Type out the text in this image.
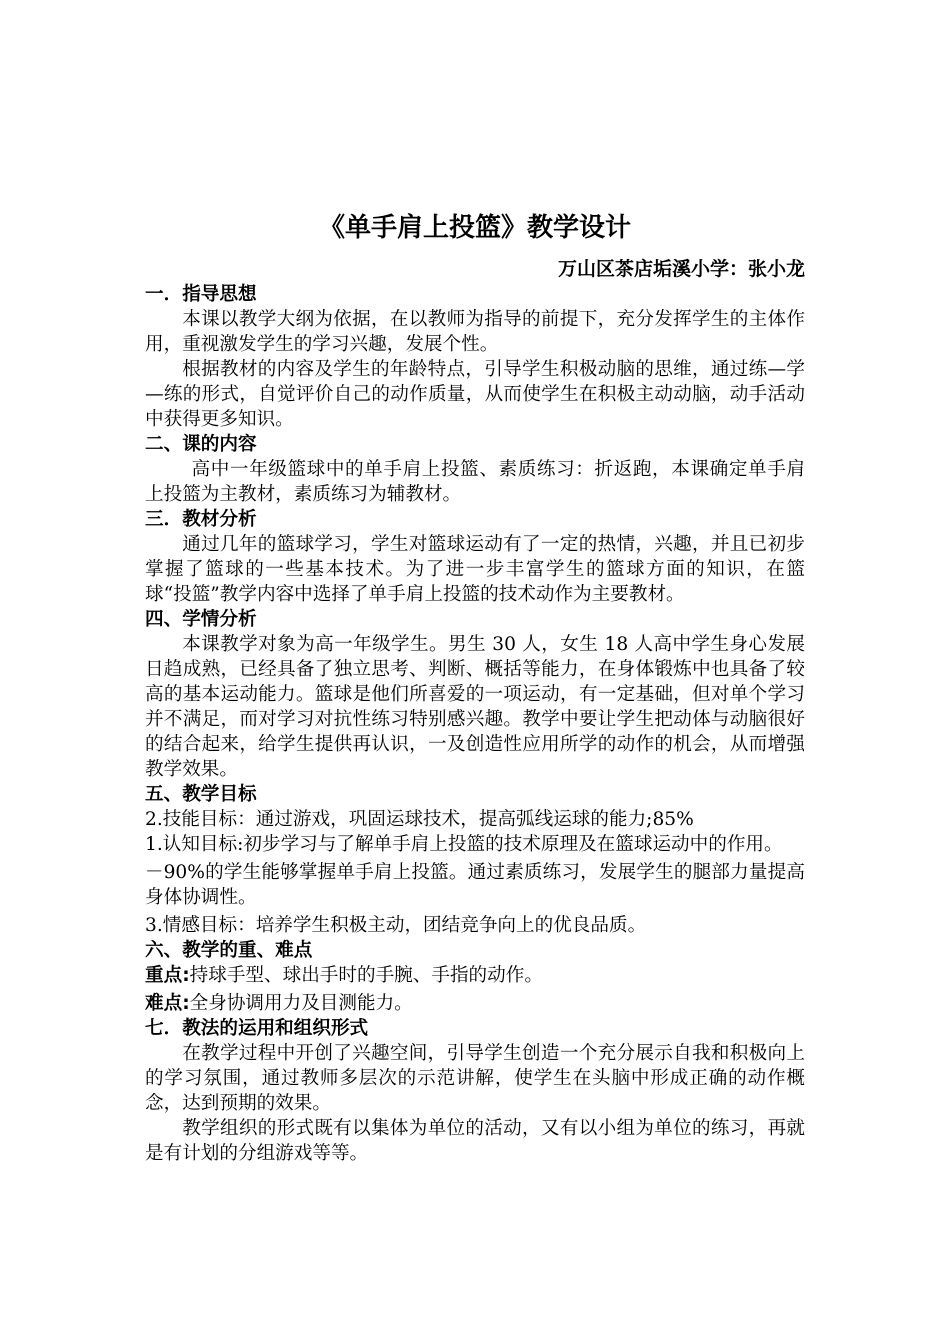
《单手肩上投篮》教学设计
万山区茶店垢溪小学：张小龙
一．指导思想

本课以教学大纲为依据，在以教师为指导的前提下，充分发挥学生的主体作用，重视激发学生的学习兴趣，发展个性。

根据教材的内容及学生的年龄特点，引导学生积极动脑的思维，通过练—学—练的形式，自觉评价自己的动作质量，从而使学生在积极主动动脑，动手活动中获得更多知识。

二、课的内容

高中一年级篮球中的单手肩上投篮、素质练习：折返跑，本课确定单手肩上投篮为主教材，素质练习为辅教材。

三．教材分析

通过几年的篮球学习，学生对篮球运动有了一定的热情，兴趣，并且已初步掌握了篮球的一些基本技术。为了进一步丰富学生的篮球方面的知识，在篮球“投篮”教学内容中选择了单手肩上投篮的技术动作为主要教材。

四、学情分析

本课教学对象为高一年级学生。男生 30 人，女生 18 人高中学生身心发展日趋成熟，已经具备了独立思考、判断、概括等能力，在身体锻炼中也具备了较高的基本运动能力。篮球是他们所喜爱的一项运动，有一定基础，但对单个学习并不满足，而对学习对抗性练习特别感兴趣。教学中要让学生把动体与动脑很好的结合起来，给学生提供再认识，一及创造性应用所学的动作的机会，从而增强教学效果。

五、教学目标

2.技能目标：通过游戏，巩固运球技术，提高弧线运球的能力;85%

1.认知目标:初步学习与了解单手肩上投篮的技术原理及在篮球运动中的作用。

－90%的学生能够掌握单手肩上投篮。通过素质练习，发展学生的腿部力量提高身体协调性。

3.情感目标：培养学生积极主动，团结竞争向上的优良品质。

六、教学的重、难点

重点:持球手型、球出手时的手腕、手指的动作。

难点:全身协调用力及目测能力。

七．教法的运用和组织形式

在教学过程中开创了兴趣空间，引导学生创造一个充分展示自我和积极向上的学习氛围，通过教师多层次的示范讲解，使学生在头脑中形成正确的动作概念，达到预期的效果。

教学组织的形式既有以集体为单位的活动，又有以小组为单位的练习，再就是有计划的分组游戏等等。
